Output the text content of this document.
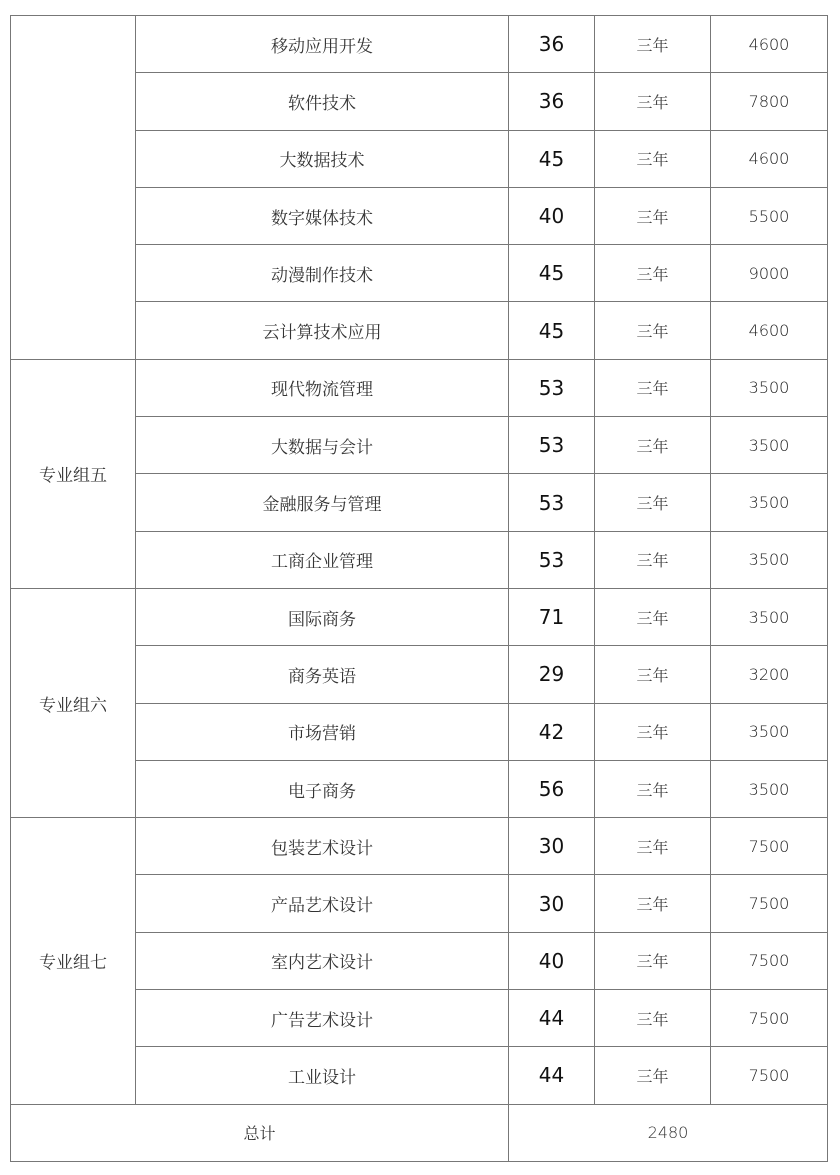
	移动应用开发	36	三年	4600
	软件技术	36	三年	7800
	大数据技术	45	三年	4600
	数字媒体技术	40	三年	5500
	动漫制作技术	45	三年	9000
	云计算技术应用	45	三年	4600
专业组五	现代物流管理	53	三年	3500
	大数据与会计	53	三年	3500
	金融服务与管理	53	三年	3500
	工商企业管理	53	三年	3500
专业组六	国际商务	71	三年	3500
	商务英语	29	三年	3200
	市场营销	42	三年	3500
	电子商务	56	三年	3500
专业组七	包装艺术设计	30	三年	7500
	产品艺术设计	30	三年	7500
	室内艺术设计	40	三年	7500
	广告艺术设计	44	三年	7500
	工业设计	44	三年	7500
总计		2480		
